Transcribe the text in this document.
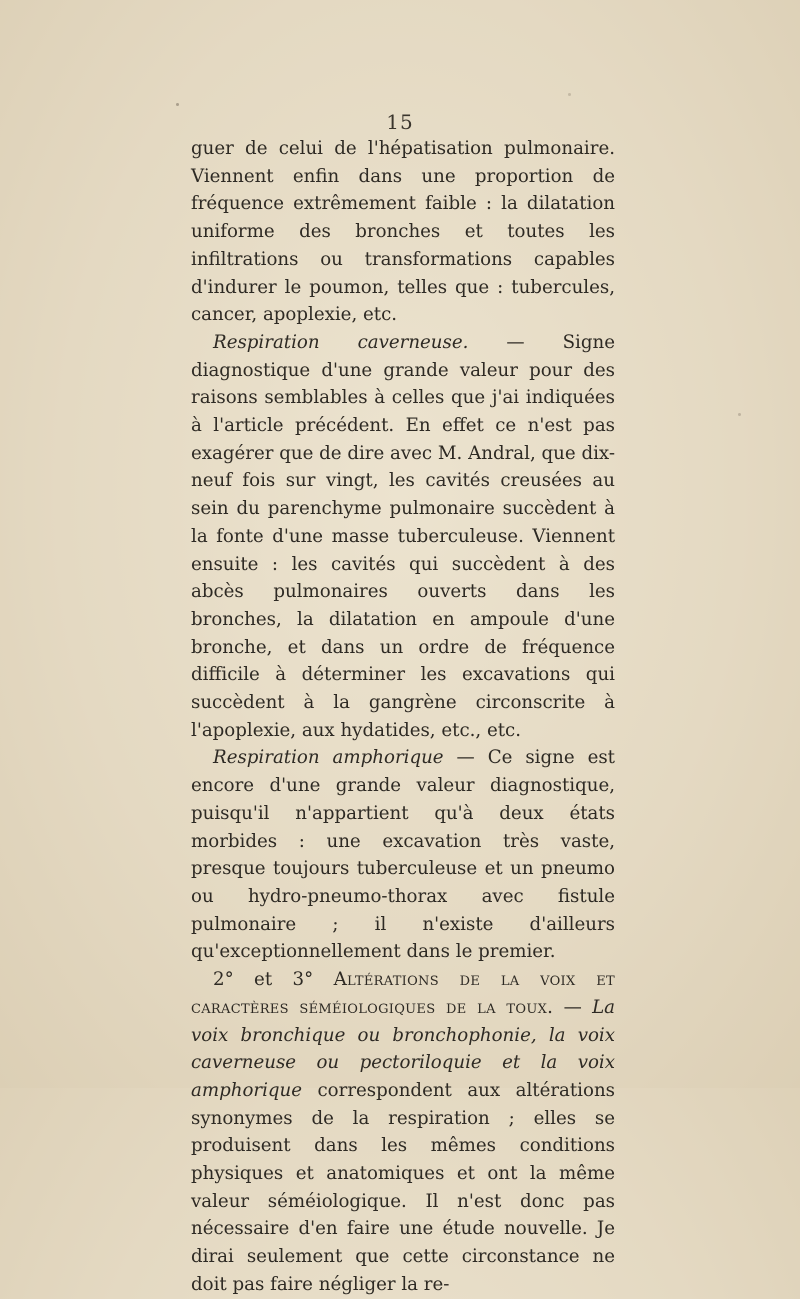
15

guer de celui de l'hépatisation pulmonaire. Viennent enfin dans une proportion de fréquence extrêmement faible : la dilatation uniforme des bronches et toutes les infiltrations ou transformations capables d'indurer le poumon, telles que : tubercules, cancer, apoplexie, etc.

Respiration caverneuse. — Signe diagnostique d'une grande valeur pour des raisons semblables à celles que j'ai indiquées à l'article précédent. En effet ce n'est pas exagérer que de dire avec M. Andral, que dix-neuf fois sur vingt, les cavités creusées au sein du parenchyme pulmonaire succèdent à la fonte d'une masse tuberculeuse. Viennent ensuite : les cavités qui succèdent à des abcès pulmonaires ouverts dans les bronches, la dilatation en ampoule d'une bronche, et dans un ordre de fréquence difficile à déterminer les excavations qui succèdent à la gangrène circonscrite à l'apoplexie, aux hydatides, etc., etc.

Respiration amphorique — Ce signe est encore d'une grande valeur diagnostique, puisqu'il n'appartient qu'à deux états morbides : une excavation très vaste, presque toujours tuberculeuse et un pneumo ou hydro-pneumo-thorax avec fistule pulmonaire ; il n'existe d'ailleurs qu'exceptionnellement dans le premier.

2° et 3° Altérations de la voix et caractères séméiologiques de la toux. — La voix bronchique ou bronchophonie, la voix caverneuse ou pectoriloquie et la voix amphorique correspondent aux altérations synonymes de la respiration ; elles se produisent dans les mêmes conditions physiques et anatomiques et ont la même valeur séméiologique. Il n'est donc pas nécessaire d'en faire une étude nouvelle. Je dirai seulement que cette circonstance ne doit pas faire négliger la re-
